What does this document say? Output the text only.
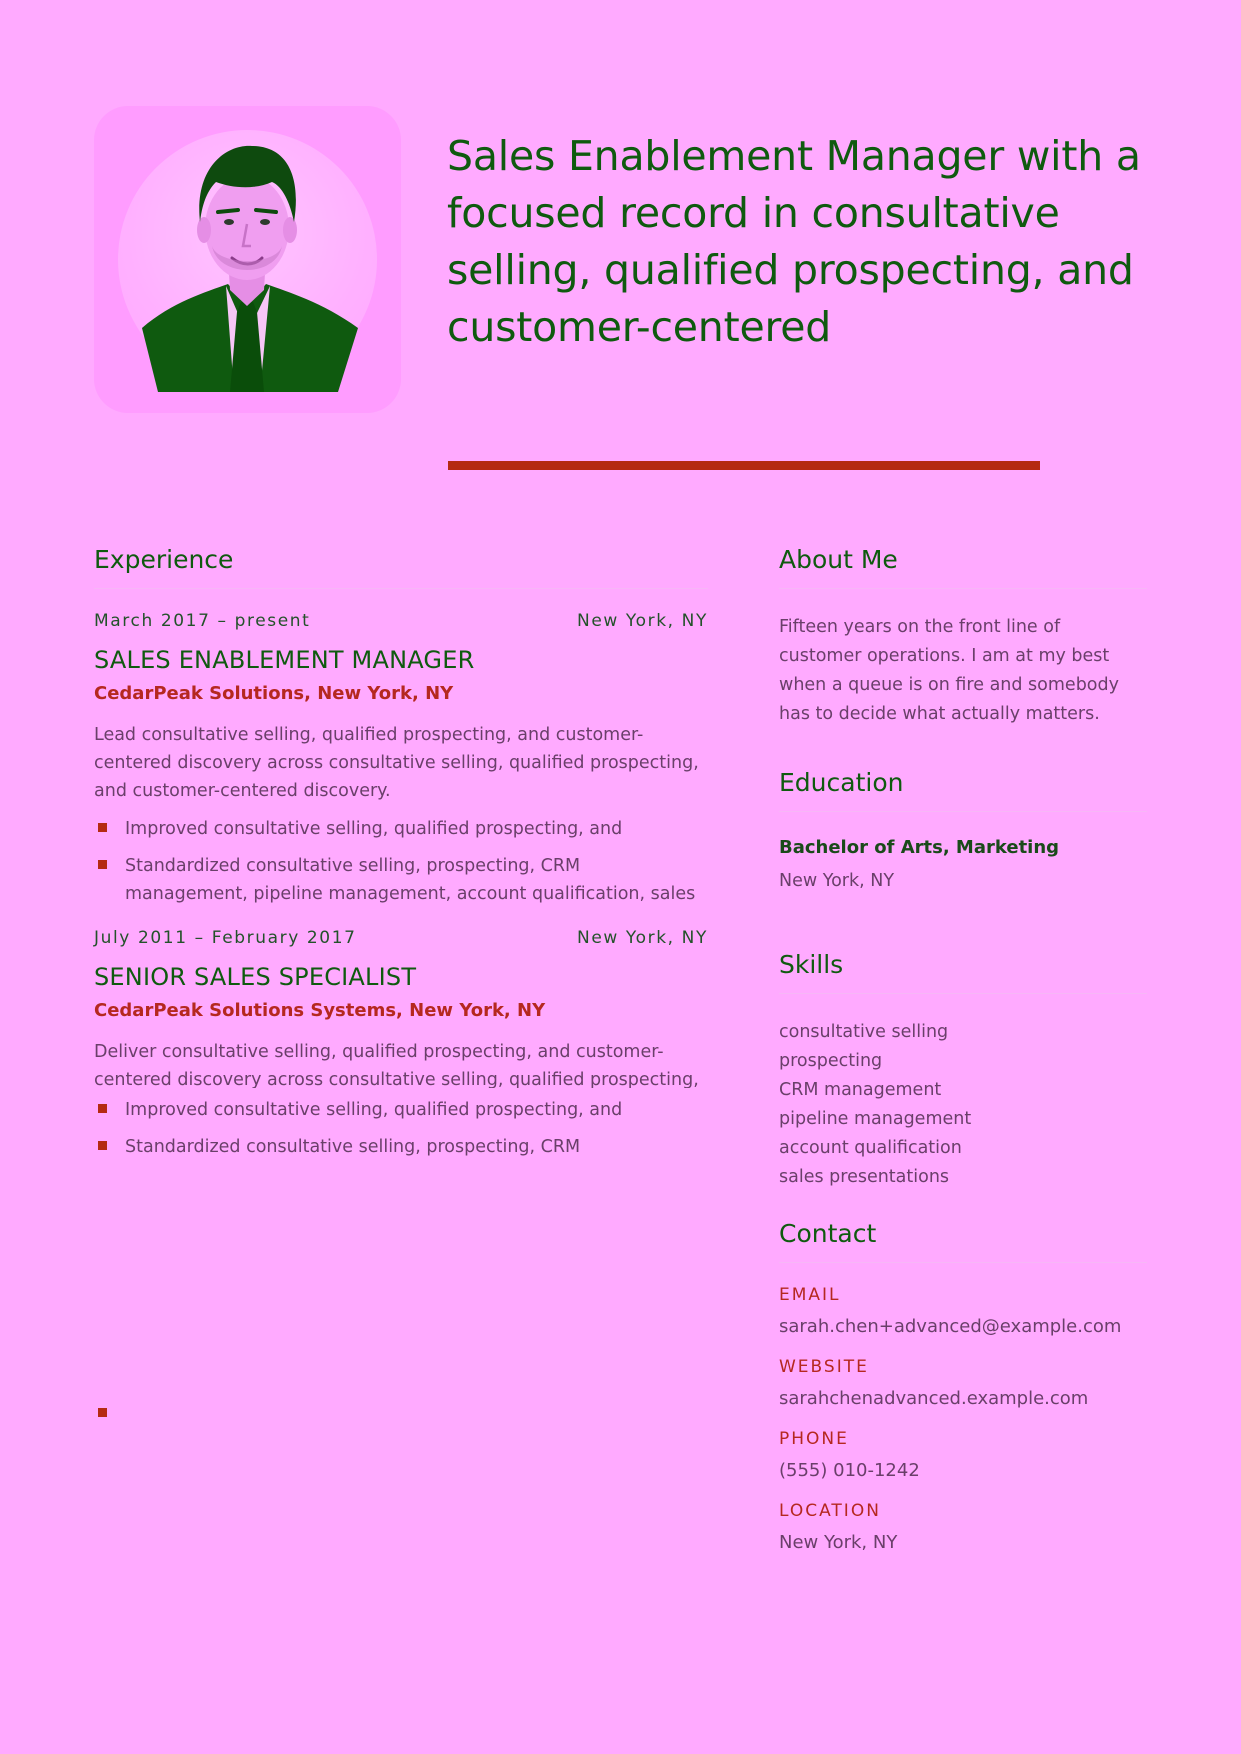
Sales Enablement Manager with a focused record in consultative selling, qualified prospecting, and customer-centered
Experience
March 2017 – present	New York, NY
SALES ENABLEMENT MANAGER
CedarPeak Solutions, New York, NY
Lead consultative selling, qualified prospecting, and customer-centered discovery across consultative selling, qualified prospecting, and customer-centered discovery.
Improved consultative selling, qualified prospecting, and
Standardized consultative selling, prospecting, CRM management, pipeline management, account qualification, sales
July 2011 – February 2017	New York, NY
SENIOR SALES SPECIALIST
CedarPeak Solutions Systems, New York, NY
Deliver consultative selling, qualified prospecting, and customer-centered discovery across consultative selling, qualified prospecting,
Improved consultative selling, qualified prospecting, and
Standardized consultative selling, prospecting, CRM
About Me
Fifteen years on the front line of customer operations. I am at my best when a queue is on fire and somebody has to decide what actually matters.
Education
Bachelor of Arts, Marketing
New York, NY
Skills
consultative selling
prospecting
CRM management
pipeline management
account qualification
sales presentations
Contact
EMAIL
sarah.chen+advanced@example.com
WEBSITE
sarahchenadvanced.example.com
PHONE
(555) 010-1242
LOCATION
New York, NY
